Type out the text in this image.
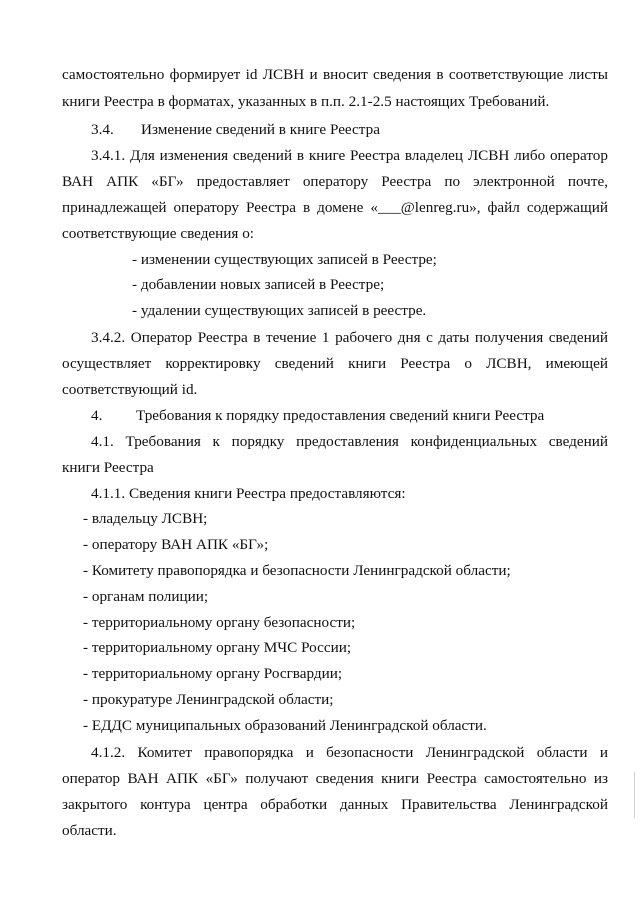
самостоятельно формирует id ЛСВН и вносит сведения в соответствующие листы
книги Реестра в форматах, указанных в п.п. 2.1-2.5 настоящих Требований.
3.4. Изменение сведений в книге Реестра
3.4.1. Для изменения сведений в книге Реестра владелец ЛСВН либо оператор
ВАН АПК «БГ» предоставляет оператору Реестра по электронной почте,
принадлежащей оператору Реестра в домене «___@lenreg.ru», файл содержащий
соответствующие сведения о:
- изменении существующих записей в Реестре;
- добавлении новых записей в Реестре;
- удалении существующих записей в реестре.
3.4.2. Оператор Реестра в течение 1 рабочего дня с даты получения сведений
осуществляет корректировку сведений книги Реестра о ЛСВН, имеющей
соответствующий id.
4. Требования к порядку предоставления сведений книги Реестра
4.1. Требования к порядку предоставления конфиденциальных сведений
книги Реестра
4.1.1. Сведения книги Реестра предоставляются:
- владельцу ЛСВН;
- оператору ВАН АПК «БГ»;
- Комитету правопорядка и безопасности Ленинградской области;
- органам полиции;
- территориальному органу безопасности;
- территориальному органу МЧС России;
- территориальному органу Росгвардии;
- прокуратуре Ленинградской области;
- ЕДДС муниципальных образований Ленинградской области.
4.1.2. Комитет правопорядка и безопасности Ленинградской области и
оператор ВАН АПК «БГ» получают сведения книги Реестра самостоятельно из
закрытого контура центра обработки данных Правительства Ленинградской
области.
